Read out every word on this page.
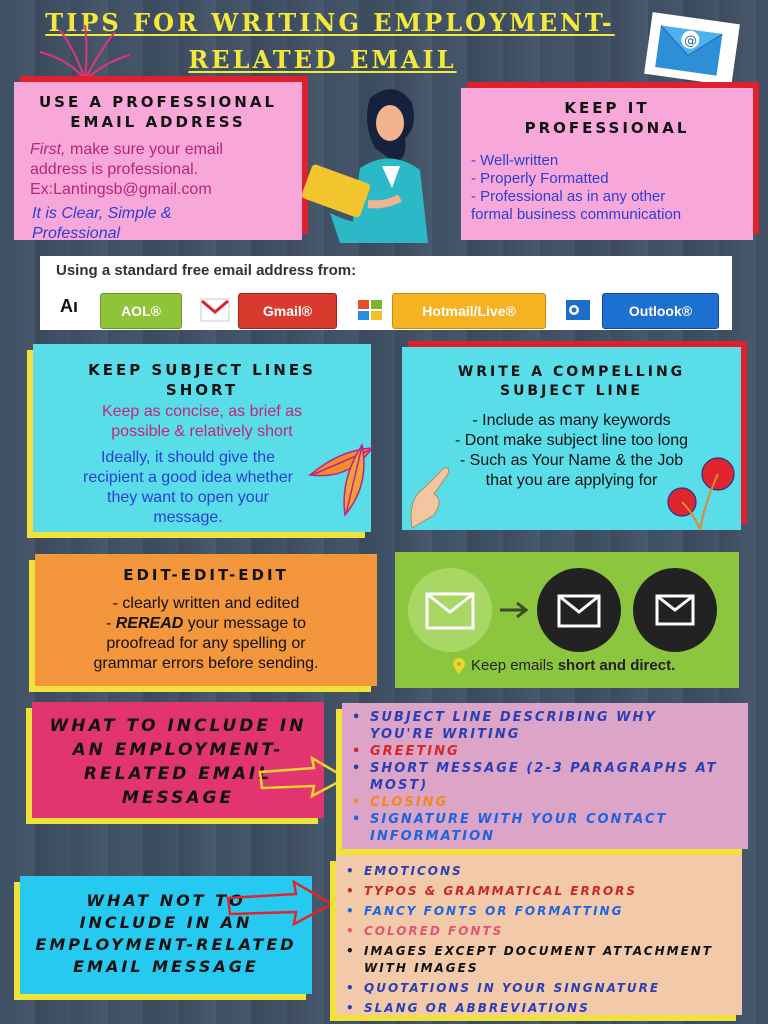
TIPS FOR WRITING EMPLOYMENT-
RELATED EMAIL
@
USE A PROFESSIONAL
EMAIL ADDRESS
First, make sure your email
address is professional.
Ex:Lantingsb@gmail.com
It is Clear, Simple &
Professional
KEEP IT
PROFESSIONAL
- Well-written
- Properly Formatted
- Professional as in any other
formal business communication
Using a standard free email address from:
Aı	AOL®	Gmail®	Hotmail/Live®	Outlook®
KEEP SUBJECT LINES
SHORT
Keep as concise, as brief as
possible & relatively short
Ideally, it should give the
recipient a good idea whether
they want to open your
message.
WRITE A COMPELLING
SUBJECT LINE
- Include as many keywords
- Dont make subject line too long
- Such as Your Name & the Job
that you are applying for
EDIT-EDIT-EDIT
- clearly written and edited
- REREAD your message to
proofread for any spelling or
grammar errors before sending.	Keep emails short and direct.
WHAT TO INCLUDE IN
AN EMPLOYMENT-
RELATED EMAIL
MESSAGE
• SUBJECT LINE DESCRIBING WHY
YOU'RE WRITING
• GREETING
• SHORT MESSAGE (2-3 PARAGRAPHS AT
MOST)
• CLOSING
• SIGNATURE WITH YOUR CONTACT
INFORMATION
WHAT NOT TO
INCLUDE IN AN
EMPLOYMENT-RELATED
EMAIL MESSAGE
• EMOTICONS
• TYPOS & GRAMMATICAL ERRORS
• FANCY FONTS OR FORMATTING
• COLORED FONTS
• IMAGES EXCEPT DOCUMENT ATTACHMENT
WITH IMAGES
• QUOTATIONS IN YOUR SINGNATURE
• SLANG OR ABBREVIATIONS
